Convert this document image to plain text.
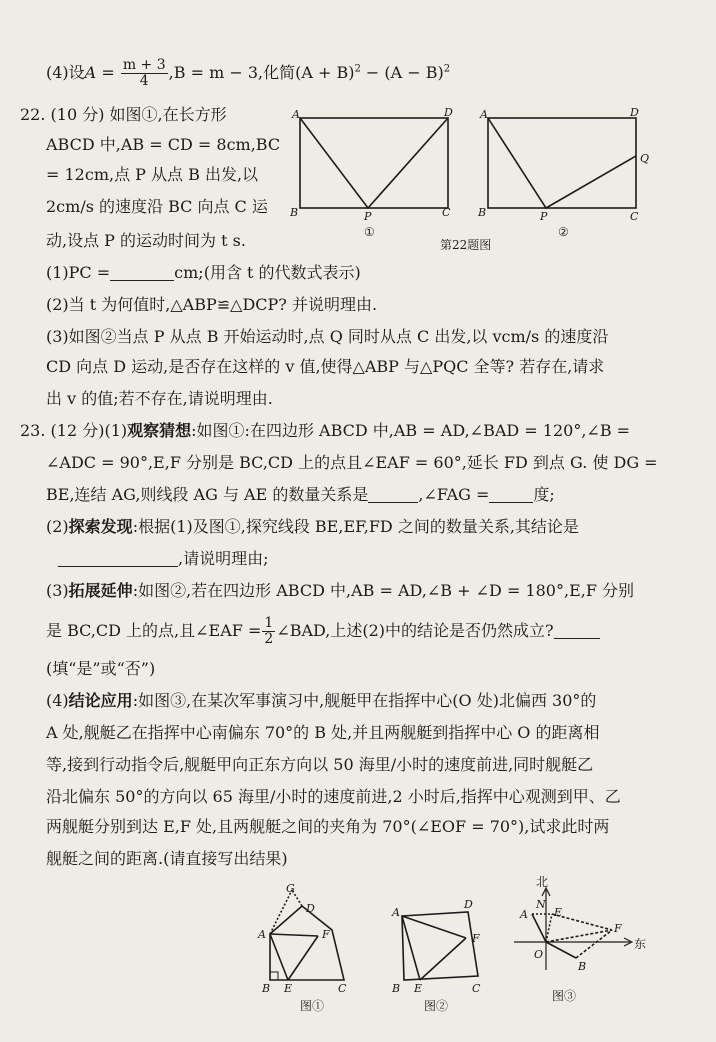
(4)设$A = \frac{m + 3}{4} ,B = m - 3$,化简$(A + B)^2 - (A - B)^2$
22. (10 分) 如图①,在长方形
ABCD 中,AB = CD = 8cm,BC
= 12cm,点 P 从点 B 出发,以
2cm/s 的速度沿 BC 向点 C 运
动,设点 P 的运动时间为 t s.
A	D
B	P	C
①
A	D
B	P	C
Q
②
第22题图
(1)PC =	cm;(用含 t 的代数式表示)
(2)当 t 为何值时,△ABP≌△DCP? 并说明理由.
(3)如图②当点 P 从点 B 开始运动时,点 Q 同时从点 C 出发,以 vcm/s 的速度沿
CD 向点 D 运动,是否存在这样的 v 值,使得△ABP 与△PQC 全等? 若存在,请求
出 v 的值;若不存在,请说明理由.
23. (12 分)(1)观察猜想:如图①:在四边形 ABCD 中,AB = AD,∠BAD = 120°,∠B =
∠ADC = 90°,E,F 分别是 BC,CD 上的点且∠EAF = 60°,延长 FD 到点 G. 使 DG =
BE,连结 AG,则线段 AG 与 AE 的数量关系是	,∠FAG =	度;
(2)探索发现:根据(1)及图①,探究线段 BE,EF,FD 之间的数量关系,其结论是
,请说明理由;
(3)拓展延伸:如图②,若在四边形 ABCD 中,AB = AD,∠B + ∠D = 180°,E,F 分别
是 BC,CD 上的点,且∠EAF = $\frac{1}{2}$ ∠BAD,上述(2)中的结论是否仍然成立?
(填“是”或“否”)
(4)结论应用:如图③,在某次军事演习中,舰艇甲在指挥中心(O 处)北偏西 30°的
A 处,舰艇乙在指挥中心南偏东 70°的 B 处,并且两舰艇到指挥中心 O 的距离相
等,接到行动指令后,舰艇甲向正东方向以 50 海里/小时的速度前进,同时舰艇乙
沿北偏东 50°的方向以 65 海里/小时的速度前进,2 小时后,指挥中心观测到甲、乙
两舰艇分别到达 E,F 处,且两舰艇之间的夹角为 70°(∠EOF = 70°),试求此时两
舰艇之间的距离.(请直接写出结果)
G
D
A	F
B E	C
图①
A
D
F
B E	C
图②
北
东
A
N
E
O
F
B
图③
